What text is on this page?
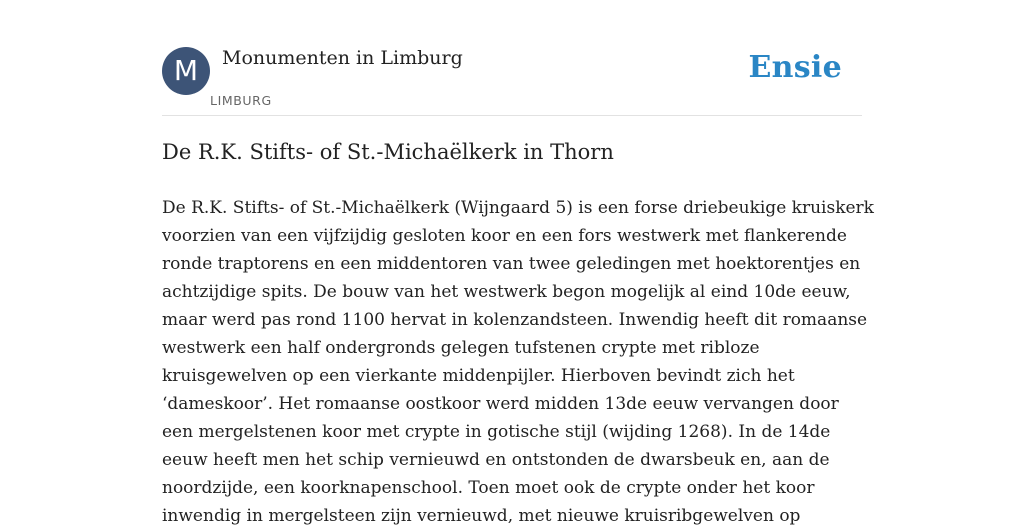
M	Monumenten in Limburg
LIMBURG
Ensie
De R.K. Stifts- of St.-Michaëlkerk in Thorn
De R.K. Stifts- of St.-Michaëlkerk (Wijngaard 5) is een forse driebeukige kruiskerk
voorzien van een vijfzijdig gesloten koor en een fors westwerk met flankerende
ronde traptorens en een middentoren van twee geledingen met hoektorentjes en
achtzijdige spits. De bouw van het westwerk begon mogelijk al eind 10de eeuw,
maar werd pas rond 1100 hervat in kolenzandsteen. Inwendig heeft dit romaanse
westwerk een half ondergronds gelegen tufstenen crypte met ribloze
kruisgewelven op een vierkante middenpijler. Hierboven bevindt zich het
‘dameskoor’. Het romaanse oostkoor werd midden 13de eeuw vervangen door
een mergelstenen koor met crypte in gotische stijl (wijding 1268). In de 14de
eeuw heeft men het schip vernieuwd en ontstonden de dwarsbeuk en, aan de
noordzijde, een koorknapenschool. Toen moet ook de crypte onder het koor
inwendig in mergelsteen zijn vernieuwd, met nieuwe kruisribgewelven op
